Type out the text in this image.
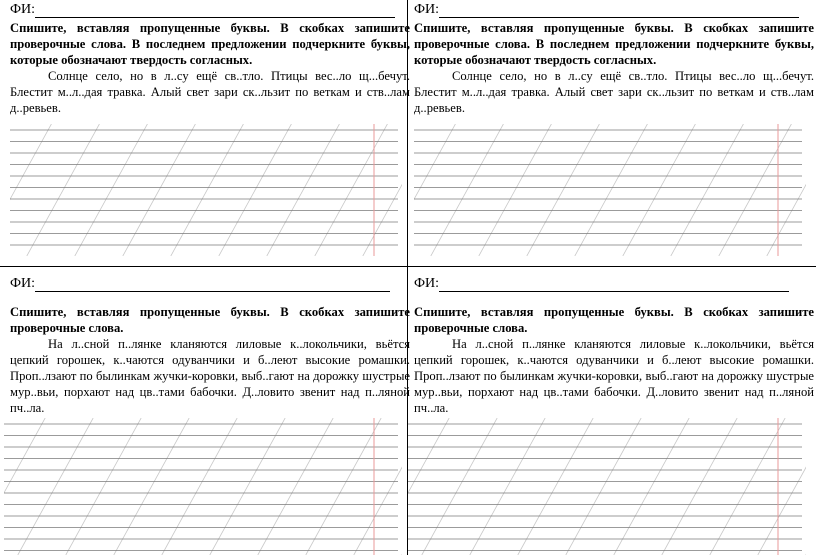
ФИ:
Спишите, вставляя пропущенные буквы. В скобках запишите проверочные слова. В последнем предложении подчеркните буквы, которые обозначают твердость согласных.
Солнце село, но в л..су ещё св..тло. Птицы вес..ло щ...бечут. Блестит м..л..дая травка. Алый свет зари ск..льзит по веткам и ств..лам д..ревьев.
ФИ:
Спишите, вставляя пропущенные буквы. В скобках запишите проверочные слова. В последнем предложении подчеркните буквы, которые обозначают твердость согласных.
Солнце село, но в л..су ещё св..тло. Птицы вес..ло щ...бечут. Блестит м..л..дая травка. Алый свет зари ск..льзит по веткам и ств..лам д..ревьев.
ФИ:
Спишите, вставляя пропущенные буквы. В скобках запишите проверочные слова.
На л..сной п..лянке кланяются лиловые к..локольчики, вьётся цепкий горошек, к..чаются одуванчики и б..леют высокие ромашки. Проп..лзают по былинкам жучки-коровки, выб..гают на дорожку шустрые мур..вьи, порхают над цв..тами бабочки. Д..ловито звенит над п..ляной пч..ла.
ФИ:
Спишите, вставляя пропущенные буквы. В скобках запишите проверочные слова.
На л..сной п..лянке кланяются лиловые к..локольчики, вьётся цепкий горошек, к..чаются одуванчики и б..леют высокие ромашки. Проп..лзают по былинкам жучки-коровки, выб..гают на дорожку шустрые мур..вьи, порхают над цв..тами бабочки. Д..ловито звенит над п..ляной пч..ла.
